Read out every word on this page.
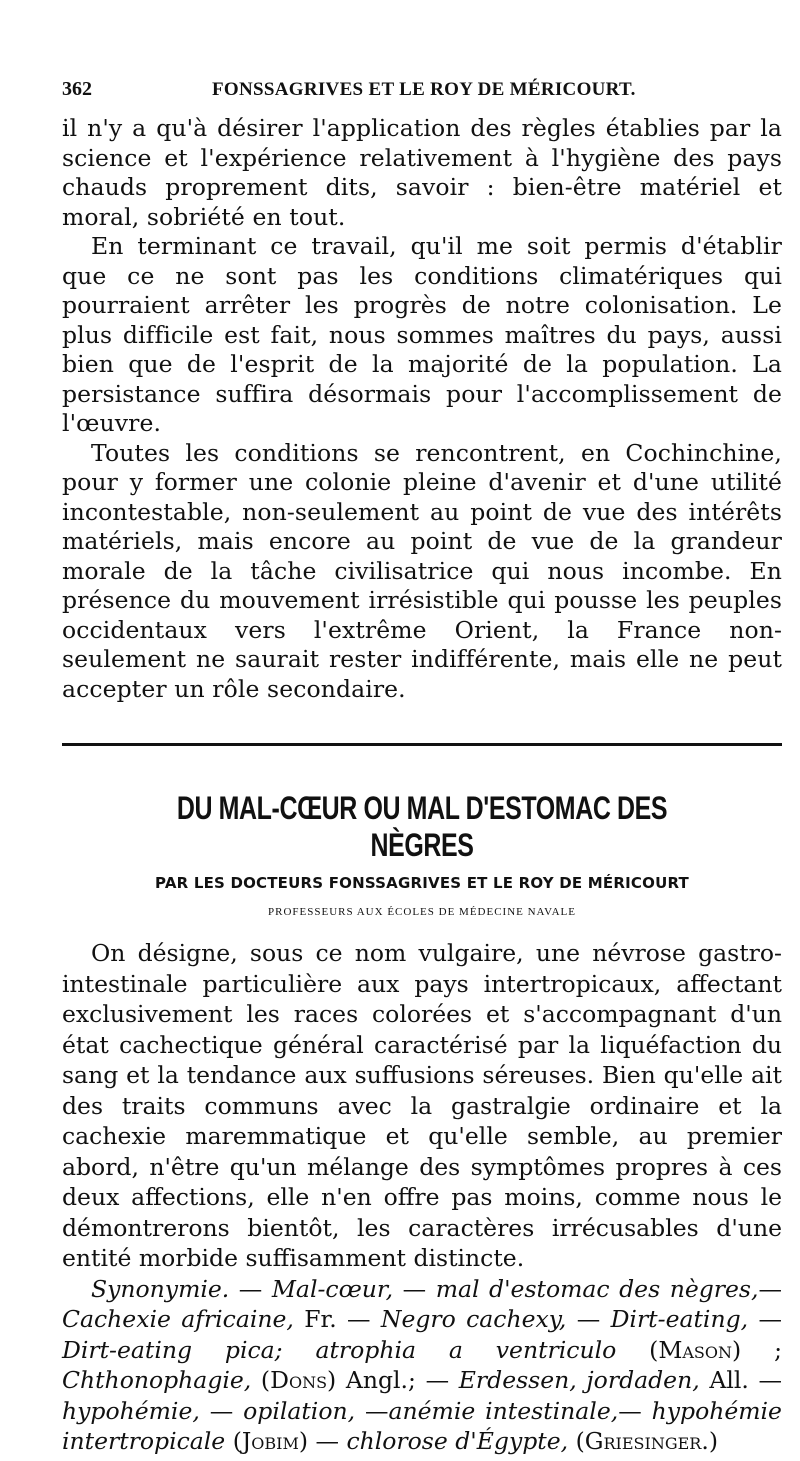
362	FONSSAGRIVES ET LE ROY DE MÉRICOURT.

il n'y a qu'à désirer l'application des règles établies par la science et l'expérience relativement à l'hygiène des pays chauds proprement dits, savoir : bien-être matériel et moral, sobriété en tout.

En terminant ce travail, qu'il me soit permis d'établir que ce ne sont pas les conditions climatériques qui pourraient arrêter les progrès de notre colonisation. Le plus difficile est fait, nous sommes maîtres du pays, aussi bien que de l'esprit de la majorité de la population. La persistance suffira désormais pour l'accomplissement de l'œuvre.

Toutes les conditions se rencontrent, en Cochinchine, pour y former une colonie pleine d'avenir et d'une utilité incontestable, non-seulement au point de vue des intérêts matériels, mais encore au point de vue de la grandeur morale de la tâche civilisatrice qui nous incombe. En présence du mouvement irrésistible qui pousse les peuples occidentaux vers l'extrême Orient, la France non-seulement ne saurait rester indifférente, mais elle ne peut accepter un rôle secondaire.

DU MAL-CŒUR OU MAL D'ESTOMAC DES NÈGRES
PAR LES DOCTEURS FONSSAGRIVES ET LE ROY DE MÉRICOURT
PROFESSEURS AUX ÉCOLES DE MÉDECINE NAVALE

On désigne, sous ce nom vulgaire, une névrose gastro-intestinale particulière aux pays intertropicaux, affectant exclusivement les races colorées et s'accompagnant d'un état cachectique général caractérisé par la liquéfaction du sang et la tendance aux suffusions séreuses. Bien qu'elle ait des traits communs avec la gastralgie ordinaire et la cachexie maremmatique et qu'elle semble, au premier abord, n'être qu'un mélange des symptômes propres à ces deux affections, elle n'en offre pas moins, comme nous le démontrerons bientôt, les caractères irrécusables d'une entité morbide suffisamment distincte.

Synonymie. — Mal-cœur, — mal d'estomac des nègres,— Cachexie africaine, Fr. — Negro cachexy, — Dirt-eating, — Dirt-eating pica; atrophia a ventriculo (Mason) ; Chthonophagie, (Dons) Angl.; — Erdessen, jordaden, All. —hypohémie, — opilation, —anémie intestinale,— hypohémie intertropicale (Jobim) — chlorose d'Égypte, (Griesinger.)
